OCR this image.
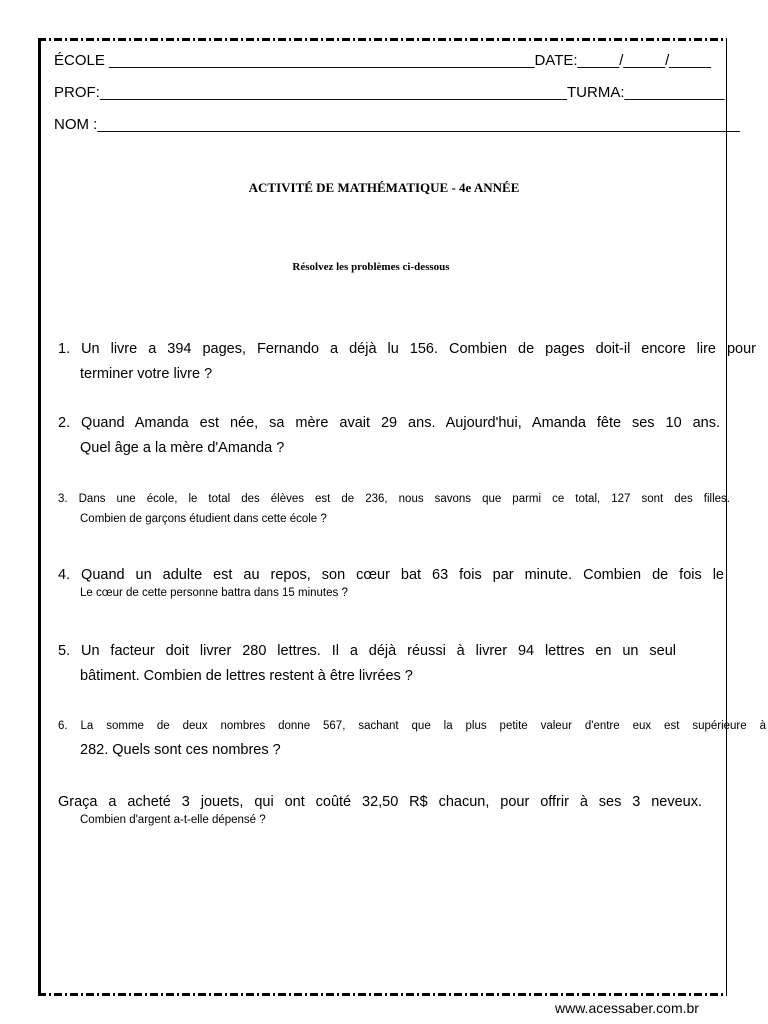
ÉCOLE ___________________________________________________DATE:_____/_____/_____
PROF:________________________________________________________TURMA:____________
NOM :_____________________________________________________________________________
ACTIVITÉ DE MATHÉMATIQUE - 4e ANNÉE
Résolvez les problèmes ci-dessous
1. Un livre a 394 pages, Fernando a déjà lu 156. Combien de pages doit-il encore lire pour
terminer votre livre ?
2. Quand Amanda est née, sa mère avait 29 ans. Aujourd'hui, Amanda fête ses 10 ans.
Quel âge a la mère d'Amanda ?
3. Dans une école, le total des élèves est de 236, nous savons que parmi ce total, 127 sont des filles.
Combien de garçons étudient dans cette école ?
4. Quand un adulte est au repos, son cœur bat 63 fois par minute. Combien de fois le
Le cœur de cette personne battra dans 15 minutes ?
5. Un facteur doit livrer 280 lettres. Il a déjà réussi à livrer 94 lettres en un seul
bâtiment. Combien de lettres restent à être livrées ?
6. La somme de deux nombres donne 567, sachant que la plus petite valeur d'entre eux est supérieure à
282. Quels sont ces nombres ?
Graça a acheté 3 jouets, qui ont coûté 32,50 R$ chacun, pour offrir à ses 3 neveux.
Combien d'argent a-t-elle dépensé ?
www.acessaber.com.br
